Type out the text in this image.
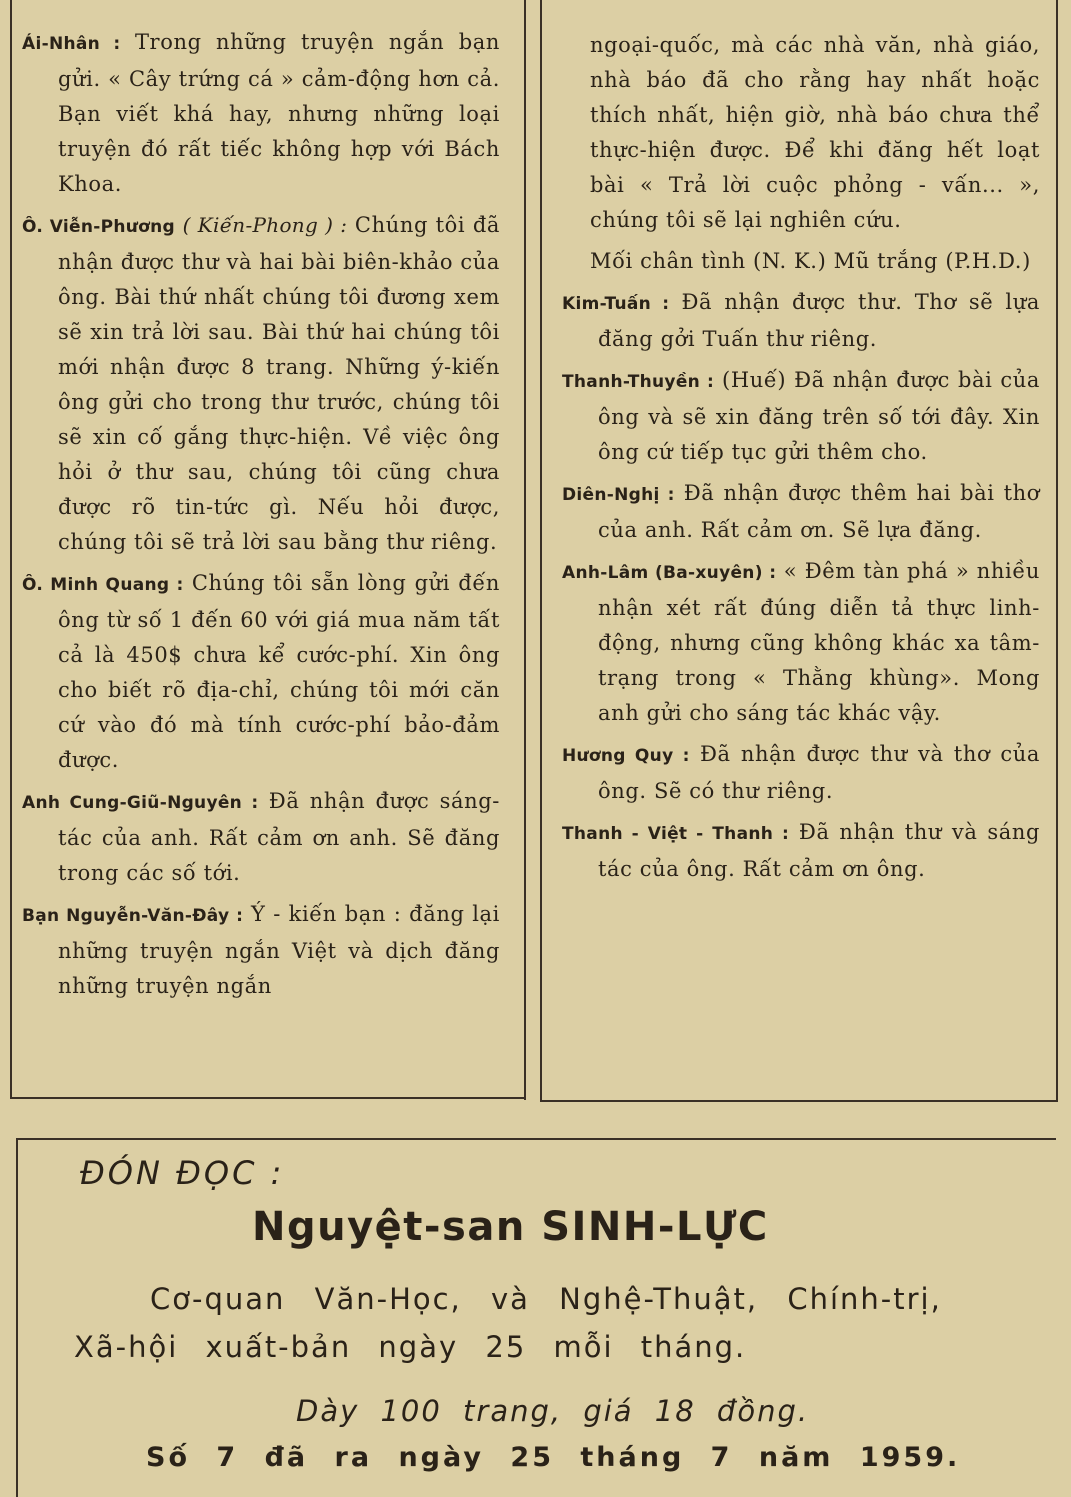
Ái-Nhân : Trong những truyện ngắn bạn gửi. « Cây trứng cá » cảm-động hơn cả. Bạn viết khá hay, nhưng những loại truyện đó rất tiếc không hợp với Bách Khoa.

Ô. Viễn-Phương ( Kiến-Phong ) : Chúng tôi đã nhận được thư và hai bài biên-khảo của ông. Bài thứ nhất chúng tôi đương xem sẽ xin trả lời sau. Bài thứ hai chúng tôi mới nhận được 8 trang. Những ý-kiến ông gửi cho trong thư trước, chúng tôi sẽ xin cố gắng thực-hiện. Về việc ông hỏi ở thư sau, chúng tôi cũng chưa được rõ tin-tức gì. Nếu hỏi được, chúng tôi sẽ trả lời sau bằng thư riêng.

Ô. Minh Quang : Chúng tôi sẵn lòng gửi đến ông từ số 1 đến 60 với giá mua năm tất cả là 450$ chưa kể cước-phí. Xin ông cho biết rõ địa-chỉ, chúng tôi mới căn cứ vào đó mà tính cước-phí bảo-đảm được.

Anh Cung-Giũ-Nguyên : Đã nhận được sáng-tác của anh. Rất cảm ơn anh. Sẽ đăng trong các số tới.

Bạn Nguyễn-Văn-Đây : Ý - kiến bạn : đăng lại những truyện ngắn Việt và dịch đăng những truyện ngắn

ngoại-quốc, mà các nhà văn, nhà giáo, nhà báo đã cho rằng hay nhất hoặc thích nhất, hiện giờ, nhà báo chưa thể thực-hiện được. Để khi đăng hết loạt bài « Trả lời cuộc phỏng - vấn... », chúng tôi sẽ lại nghiên cứu.

Mối chân tình (N. K.) Mũ trắng (P.H.D.)

Kim-Tuấn : Đã nhận được thư. Thơ sẽ lựa đăng gởi Tuấn thư riêng.

Thanh-Thuyền : (Huế) Đã nhận được bài của ông và sẽ xin đăng trên số tới đây. Xin ông cứ tiếp tục gửi thêm cho.

Diên-Nghị : Đã nhận được thêm hai bài thơ của anh. Rất cảm ơn. Sẽ lựa đăng.

Anh-Lâm (Ba-xuyên) : « Đêm tàn phá » nhiều nhận xét rất đúng diễn tả thực linh-động, nhưng cũng không khác xa tâm-trạng trong « Thằng khùng». Mong anh gửi cho sáng tác khác vậy.

Hương Quy : Đã nhận được thư và thơ của ông. Sẽ có thư riêng.

Thanh - Việt - Thanh : Đã nhận thư và sáng tác của ông. Rất cảm ơn ông.

ĐÓN ĐỌC :
Nguyệt-san SINH-LỰC
Cơ-quan Văn-Học, và Nghệ-Thuật, Chính-trị,
Xã-hội xuất-bản ngày 25 mỗi tháng.
Dày 100 trang, giá 18 đồng.
Số 7 đã ra ngày 25 tháng 7 năm 1959.
